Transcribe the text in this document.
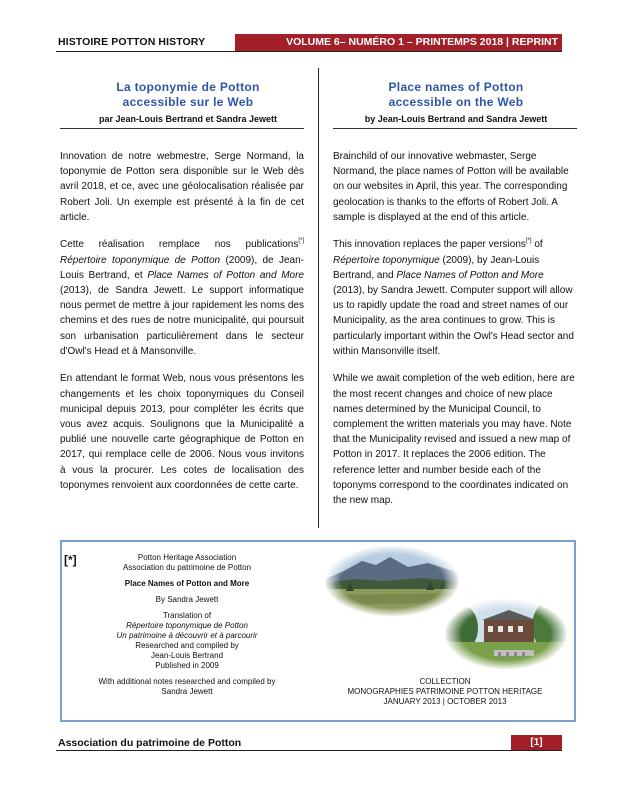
HISTOIRE POTTON HISTORY	VOLUME 6– NUMÉRO 1 – PRINTEMPS 2018 | REPRINT
La toponymie de Potton
accessible sur le Web
par Jean-Louis Bertrand et Sandra Jewett
Place names of Potton
accessible on the Web
by Jean-Louis Bertrand and Sandra Jewett

Innovation de notre webmestre, Serge Normand, la toponymie de Potton sera disponible sur le Web dès avril 2018, et ce, avec une géolocalisation réalisée par Robert Joli. Un exemple est présenté à la fin de cet article.

Cette réalisation remplace nos publications[*] Répertoire toponymique de Potton (2009), de Jean-Louis Bertrand, et Place Names of Potton and More (2013), de Sandra Jewett. Le support informatique nous permet de mettre à jour rapidement les noms des chemins et des rues de notre municipalité, qui poursuit son urbanisation particulièrement dans le secteur d'Owl's Head et à Mansonville.

En attendant le format Web, nous vous présentons les changements et les choix toponymiques du Conseil municipal depuis 2013, pour compléter les écrits que vous avez acquis. Soulignons que la Municipalité a publié une nouvelle carte géographique de Potton en 2017, qui remplace celle de 2006. Nous vous invitons à vous la procurer. Les cotes de localisation des toponymes renvoient aux coordonnées de cette carte.

Brainchild of our innovative webmaster, Serge Normand, the place names of Potton will be available on our websites in April, this year. The corresponding geolocation is thanks to the efforts of Robert Joli. A sample is displayed at the end of this article.

This innovation replaces the paper versions[*] of Répertoire toponymique (2009), by Jean-Louis Bertrand, and Place Names of Potton and More (2013), by Sandra Jewett. Computer support will allow us to rapidly update the road and street names of our Municipality, as the area continues to grow. This is particularly important within the Owl's Head sector and within Mansonville itself.

While we await completion of the web edition, here are the most recent changes and choice of new place names determined by the Municipal Council, to complement the written materials you may have. Note that the Municipality revised and issued a new map of Potton in 2017. It replaces the 2006 edition. The reference letter and number beside each of the toponyms correspond to the coordinates indicated on the new map.

[*]	Potton Heritage Association
Association du patrimoine de Potton
Place Names of Potton and More
By Sandra Jewett
Translation of
Répertoire toponymique de Potton
Un patrimoine à découvrir et à parcourir
Researched and compiled by
Jean-Louis Bertrand
Published in 2009
With additional notes researched and compiled by
Sandra Jewett
COLLECTION
MONOGRAPHIES PATRIMOINE POTTON HERITAGE
JANUARY 2013 | OCTOBER 2013
Association du patrimoine de Potton	[1]
